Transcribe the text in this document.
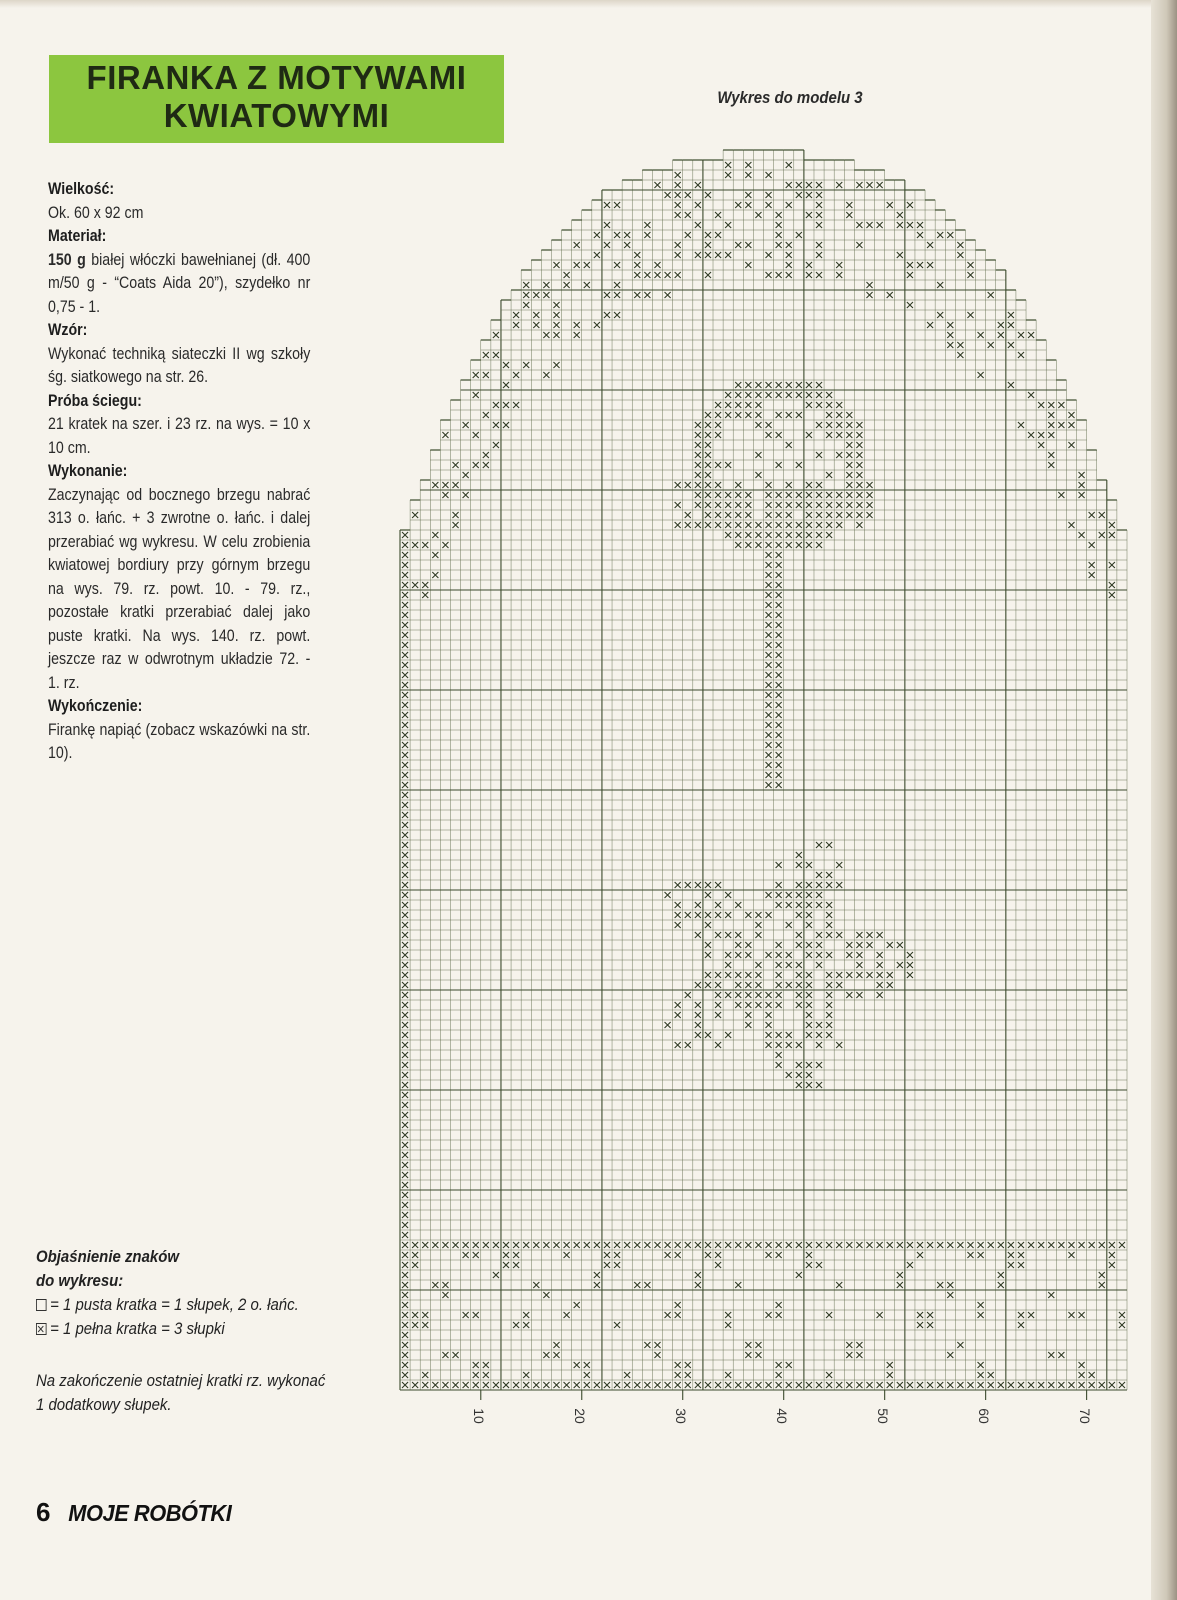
FIRANKA Z MOTYWAMI
KWIATOWYMI
Wielkość:

Ok. 60 x 92 cm

Materiał:

150 g białej włóczki bawełnianej (dł. 400 m/50 g - “Coats Aida 20”), szydełko nr 0,75 - 1.

Wzór:

Wykonać techniką siateczki II wg szkoły śg. siatkowego na str. 26.

Próba ściegu:

21 kratek na szer. i 23 rz. na wys. = 10 x 10 cm.

Wykonanie:

Zaczynając od bocznego brzegu nabrać 313 o. łańc. + 3 zwrotne o. łańc. i dalej przerabiać wg wykresu. W celu zrobienia kwiatowej bordiury przy górnym brzegu na wys. 79. rz. powt. 10. - 79. rz., pozostałe kratki przerabiać dalej jako puste kratki. Na wys. 140. rz. powt. jeszcze raz w odwrotnym układzie 72. - 1. rz.

Wykończenie:

Firankę napiąć (zobacz wskazówki na str. 10).

Objaśnienie znaków
do wykresu:
= 1 pusta kratka = 1 słupek, 2 o. łańc.
×
= 1 pełna kratka = 3 słupki
Na zakończenie ostatniej kratki rz. wykonać 1 dodatkowy słupek.
Wykres do modelu 3
10	20	30	40	50	60	70
6 MOJE ROBÓTKI
